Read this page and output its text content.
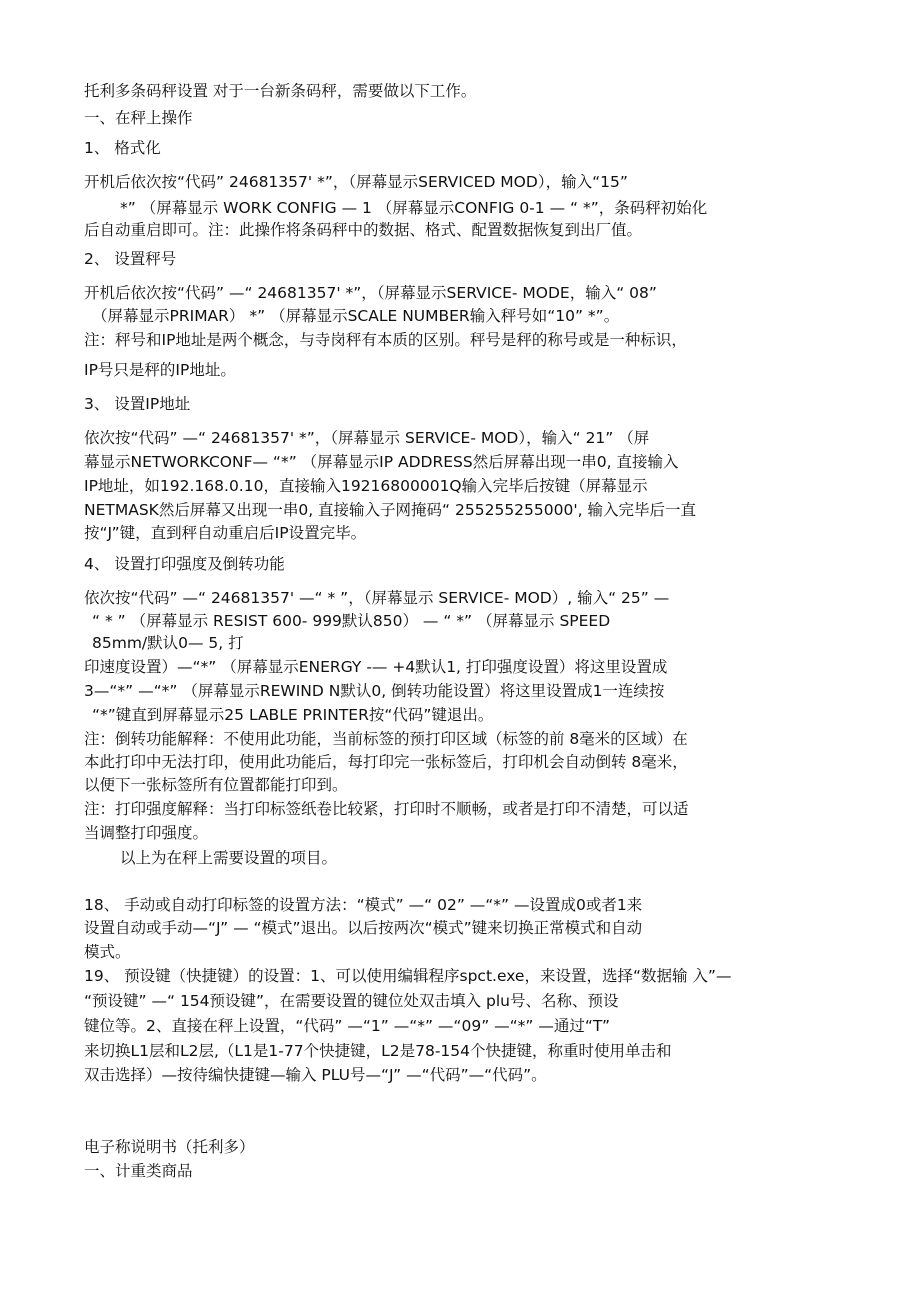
托利多条码秤设置 对于一台新条码秤，需要做以下工作。

一、在秤上操作

1、 格式化

开机后依次按“代码” 24681357' *”，（屏幕显示SERVICED MOD），输入“15”

*” （屏幕显示 WORK CONFIG — 1 （屏幕显示CONFIG 0-1 — “ *”，条码秤初始化

后自动重启即可。注：此操作将条码秤中的数据、格式、配置数据恢复到出厂值。

2、 设置秤号

开机后依次按“代码” —“ 24681357' *”，（屏幕显示SERVICE- MODE，输入“ 08”

（屏幕显示PRIMAR） *” （屏幕显示SCALE NUMBER输入秤号如“10” *”。

注：秤号和IP地址是两个概念，与寺岗秤有本质的区别。秤号是秤的称号或是一种标识，

IP号只是秤的IP地址。

3、 设置IP地址

依次按“代码” —“ 24681357' *”，（屏幕显示 SERVICE- MOD），输入“ 21” （屏

幕显示NETWORKCONF— “*” （屏幕显示IP ADDRESS然后屏幕出现一串0, 直接输入

IP地址，如192.168.0.10，直接输入19216800001Q输入完毕后按键（屏幕显示

NETMASK然后屏幕又出现一串0, 直接输入子网掩码“ 255255255000', 输入完毕后一直

按“J”键，直到秤自动重启后IP设置完毕。

4、 设置打印强度及倒转功能

依次按“代码” —“ 24681357' —“ * ”，（屏幕显示 SERVICE- MOD）, 输入“ 25” —

“ * ” （屏幕显示 RESIST 600- 999默认850） — “ *” （屏幕显示 SPEED

85mm/默认0— 5, 打

印速度设置）—“*” （屏幕显示ENERGY -— +4默认1, 打印强度设置）将这里设置成

3—“*” —“*” （屏幕显示REWIND N默认0, 倒转功能设置）将这里设置成1一连续按

“*”键直到屏幕显示25 LABLE PRINTER按“代码”键退出。

注：倒转功能解释：不使用此功能，当前标签的预打印区域（标签的前 8毫米的区域）在

本此打印中无法打印，使用此功能后，每打印完一张标签后，打印机会自动倒转 8毫米，

以便下一张标签所有位置都能打印到。

注：打印强度解释：当打印标签纸卷比较紧，打印时不顺畅，或者是打印不清楚，可以适

当调整打印强度。

以上为在秤上需要设置的项目。

18、 手动或自动打印标签的设置方法：“模式” —“ 02” —“*” —设置成0或者1来

设置自动或手动—“J” — “模式”退出。以后按两次“模式”键来切换正常模式和自动

模式。

19、 预设键（快捷键）的设置：1、可以使用编辑程序spct.exe，来设置，选择“数据输 入”—

“预设键” —“ 154预设键”，在需要设置的键位处双击填入 plu号、名称、预设

键位等。2、直接在秤上设置，“代码” —“1” —“*” —“09” —“*” —通过“T”

来切换L1层和L2层,（L1是1-77个快捷键，L2是78-154个快捷键，称重时使用单击和

双击选择）—按待编快捷键—输入 PLU号—“J” —“代码”—“代码”。

电子称说明书（托利多）

一、计重类商品
